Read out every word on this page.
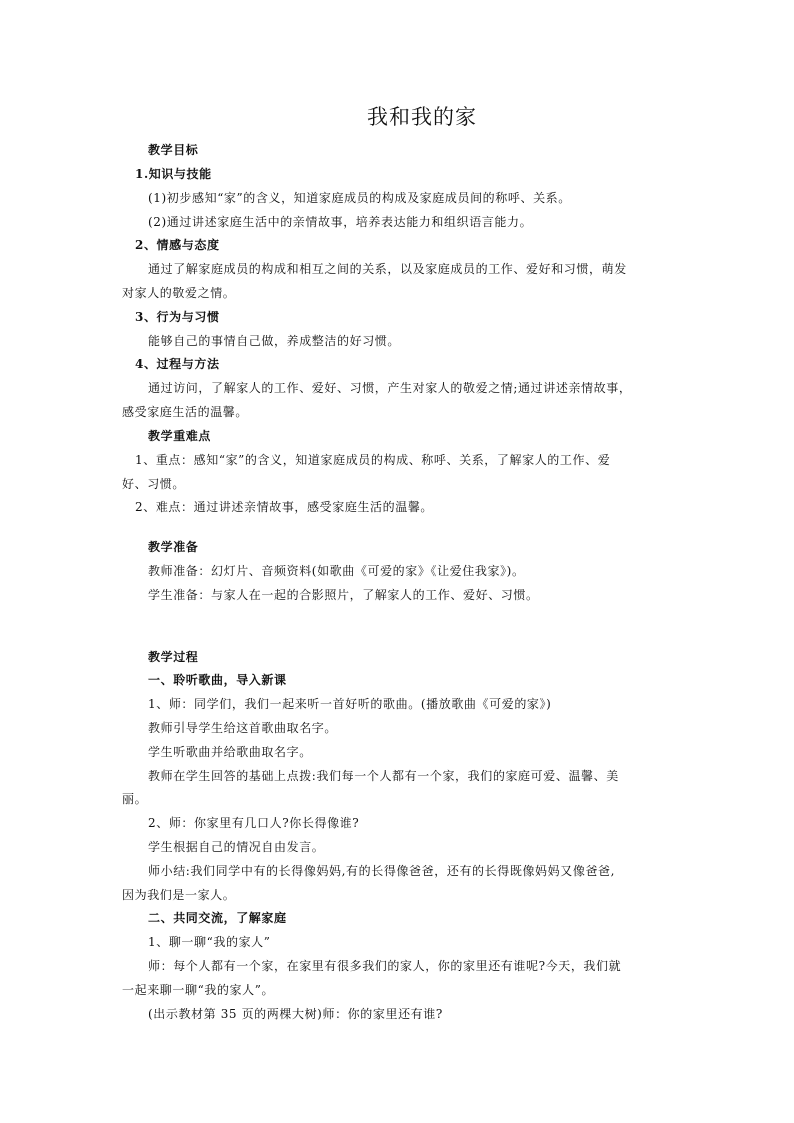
我和我的家
教学目标
1.知识与技能
(1)初步感知“家”的含义，知道家庭成员的构成及家庭成员间的称呼、关系。
(2)通过讲述家庭生活中的亲情故事，培养表达能力和组织语言能力。
2、情感与态度
通过了解家庭成员的构成和相互之间的关系，以及家庭成员的工作、爱好和习惯，萌发
对家人的敬爱之情。
3、行为与习惯
能够自己的事情自己做，养成整洁的好习惯。
4、过程与方法
通过访问，了解家人的工作、爱好、习惯，产生对家人的敬爱之情;通过讲述亲情故事，
感受家庭生活的温馨。
教学重难点
1、重点：感知“家”的含义，知道家庭成员的构成、称呼、关系，了解家人的工作、爱
好、习惯。
2、难点：通过讲述亲情故事，感受家庭生活的温馨。
教学准备
教师准备：幻灯片、音频资料(如歌曲《可爱的家》《让爱住我家》)。
学生准备：与家人在一起的合影照片，了解家人的工作、爱好、习惯。
教学过程
一、聆听歌曲，导入新课
1、师：同学们，我们一起来听一首好听的歌曲。(播放歌曲《可爱的家》)
教师引导学生给这首歌曲取名字。
学生听歌曲并给歌曲取名字。
教师在学生回答的基础上点拨:我们每一个人都有一个家，我们的家庭可爱、温馨、美
丽。
2、师：你家里有几口人?你长得像谁?
学生根据自己的情况自由发言。
师小结:我们同学中有的长得像妈妈,有的长得像爸爸，还有的长得既像妈妈又像爸爸,
因为我们是一家人。
二、共同交流，了解家庭
1、聊一聊“我的家人”
师：每个人都有一个家，在家里有很多我们的家人，你的家里还有谁呢?今天，我们就
一起来聊一聊“我的家人”。
(出示教材第 35 页的两棵大树)师：你的家里还有谁?
